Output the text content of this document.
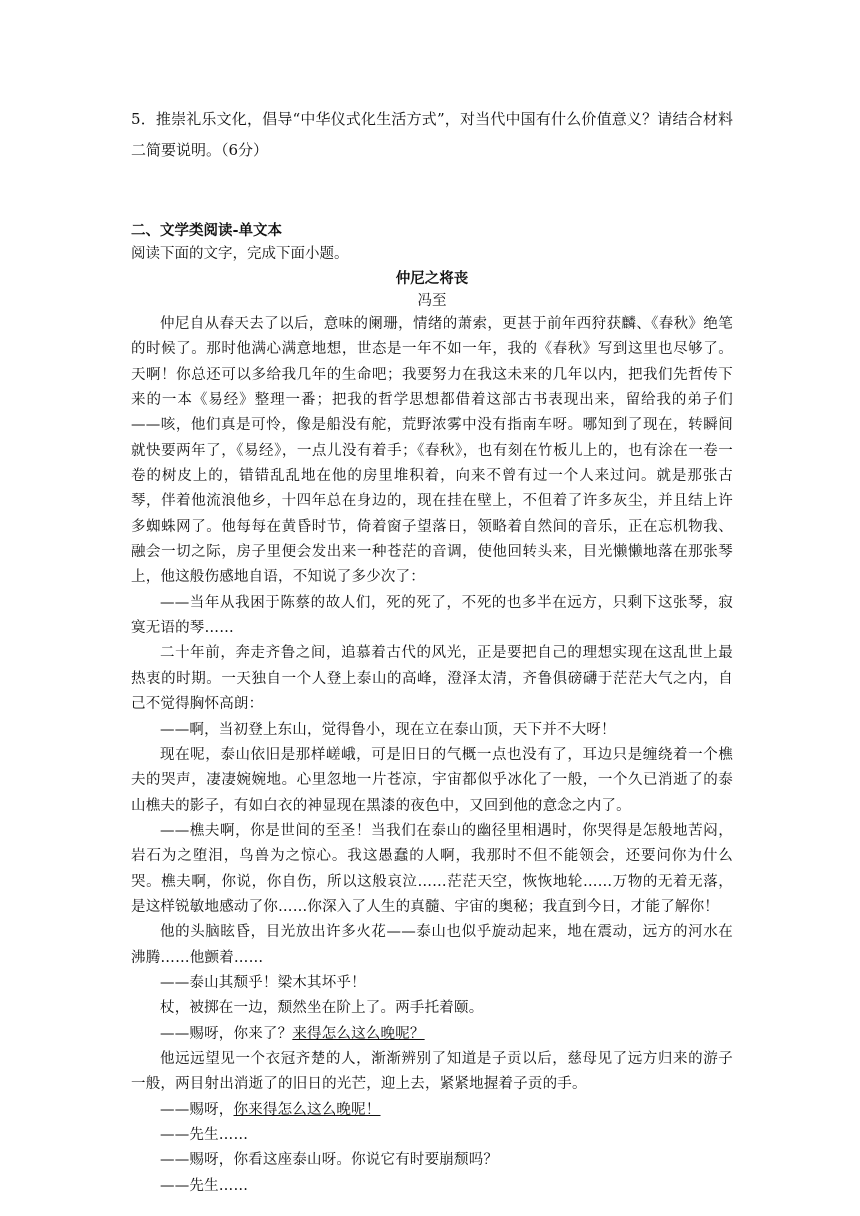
5．推崇礼乐文化，倡导“中华仪式化生活方式”，对当代中国有什么价值意义？请结合材料二简要说明。（6分）
二、文学类阅读-单文本
阅读下面的文字，完成下面小题。
仲尼之将丧
冯至

仲尼自从春天去了以后，意味的阑珊，情绪的萧索，更甚于前年西狩获麟、《春秋》绝笔的时候了。那时他满心满意地想，世态是一年不如一年，我的《春秋》写到这里也尽够了。天啊！你总还可以多给我几年的生命吧；我要努力在我这未来的几年以内，把我们先哲传下来的一本《易经》整理一番；把我的哲学思想都借着这部古书表现出来，留给我的弟子们——咳，他们真是可怜，像是船没有舵，荒野浓雾中没有指南车呀。哪知到了现在，转瞬间就快要两年了，《易经》，一点儿没有着手；《春秋》，也有刻在竹板儿上的，也有涂在一卷一卷的树皮上的，错错乱乱地在他的房里堆积着，向来不曾有过一个人来过问。就是那张古琴，伴着他流浪他乡，十四年总在身边的，现在挂在壁上，不但着了许多灰尘，并且结上许多蜘蛛网了。他每每在黄昏时节，倚着窗子望落日，领略着自然间的音乐，正在忘机物我、融会一切之际，房子里便会发出来一种苍茫的音调，使他回转头来，目光懒懒地落在那张琴上，他这般伤感地自语，不知说了多少次了：

——当年从我困于陈蔡的故人们，死的死了，不死的也多半在远方，只剩下这张琴，寂寞无语的琴……

二十年前，奔走齐鲁之间，追慕着古代的风光，正是要把自己的理想实现在这乱世上最热衷的时期。一天独自一个人登上泰山的高峰，澄泽太清，齐鲁俱磅礴于茫茫大气之内，自己不觉得胸怀高朗：

——啊，当初登上东山，觉得鲁小，现在立在泰山顶，天下并不大呀！

现在呢，泰山依旧是那样嵯峨，可是旧日的气概一点也没有了，耳边只是缠绕着一个樵夫的哭声，凄凄婉婉地。心里忽地一片苍凉，宇宙都似乎冰化了一般，一个久已消逝了的泰山樵夫的影子，有如白衣的神显现在黑漆的夜色中，又回到他的意念之内了。

——樵夫啊，你是世间的至圣！当我们在泰山的幽径里相遇时，你哭得是怎般地苦闷，岩石为之堕泪，鸟兽为之惊心。我这愚蠢的人啊，我那时不但不能领会，还要问你为什么哭。樵夫啊，你说，你自伤，所以这般哀泣……茫茫天空，恢恢地轮……万物的无着无落，是这样锐敏地感动了你……你深入了人生的真髓、宇宙的奥秘；我直到今日，才能了解你！

他的头脑眩昏，目光放出许多火花——泰山也似乎旋动起来，地在震动，远方的河水在沸腾……他颤着……

——泰山其颓乎！梁木其坏乎！

杖，被掷在一边，颓然坐在阶上了。两手托着颐。

——赐呀，你来了？来得怎么这么晚呢？

他远远望见一个衣冠齐楚的人，渐渐辨别了知道是子贡以后，慈母见了远方归来的游子一般，两目射出消逝了的旧日的光芒，迎上去，紧紧地握着子贡的手。

——赐呀，你来得怎么这么晚呢！

——先生……

——赐呀，你看这座泰山呀。你说它有时要崩颓吗？

——先生……
